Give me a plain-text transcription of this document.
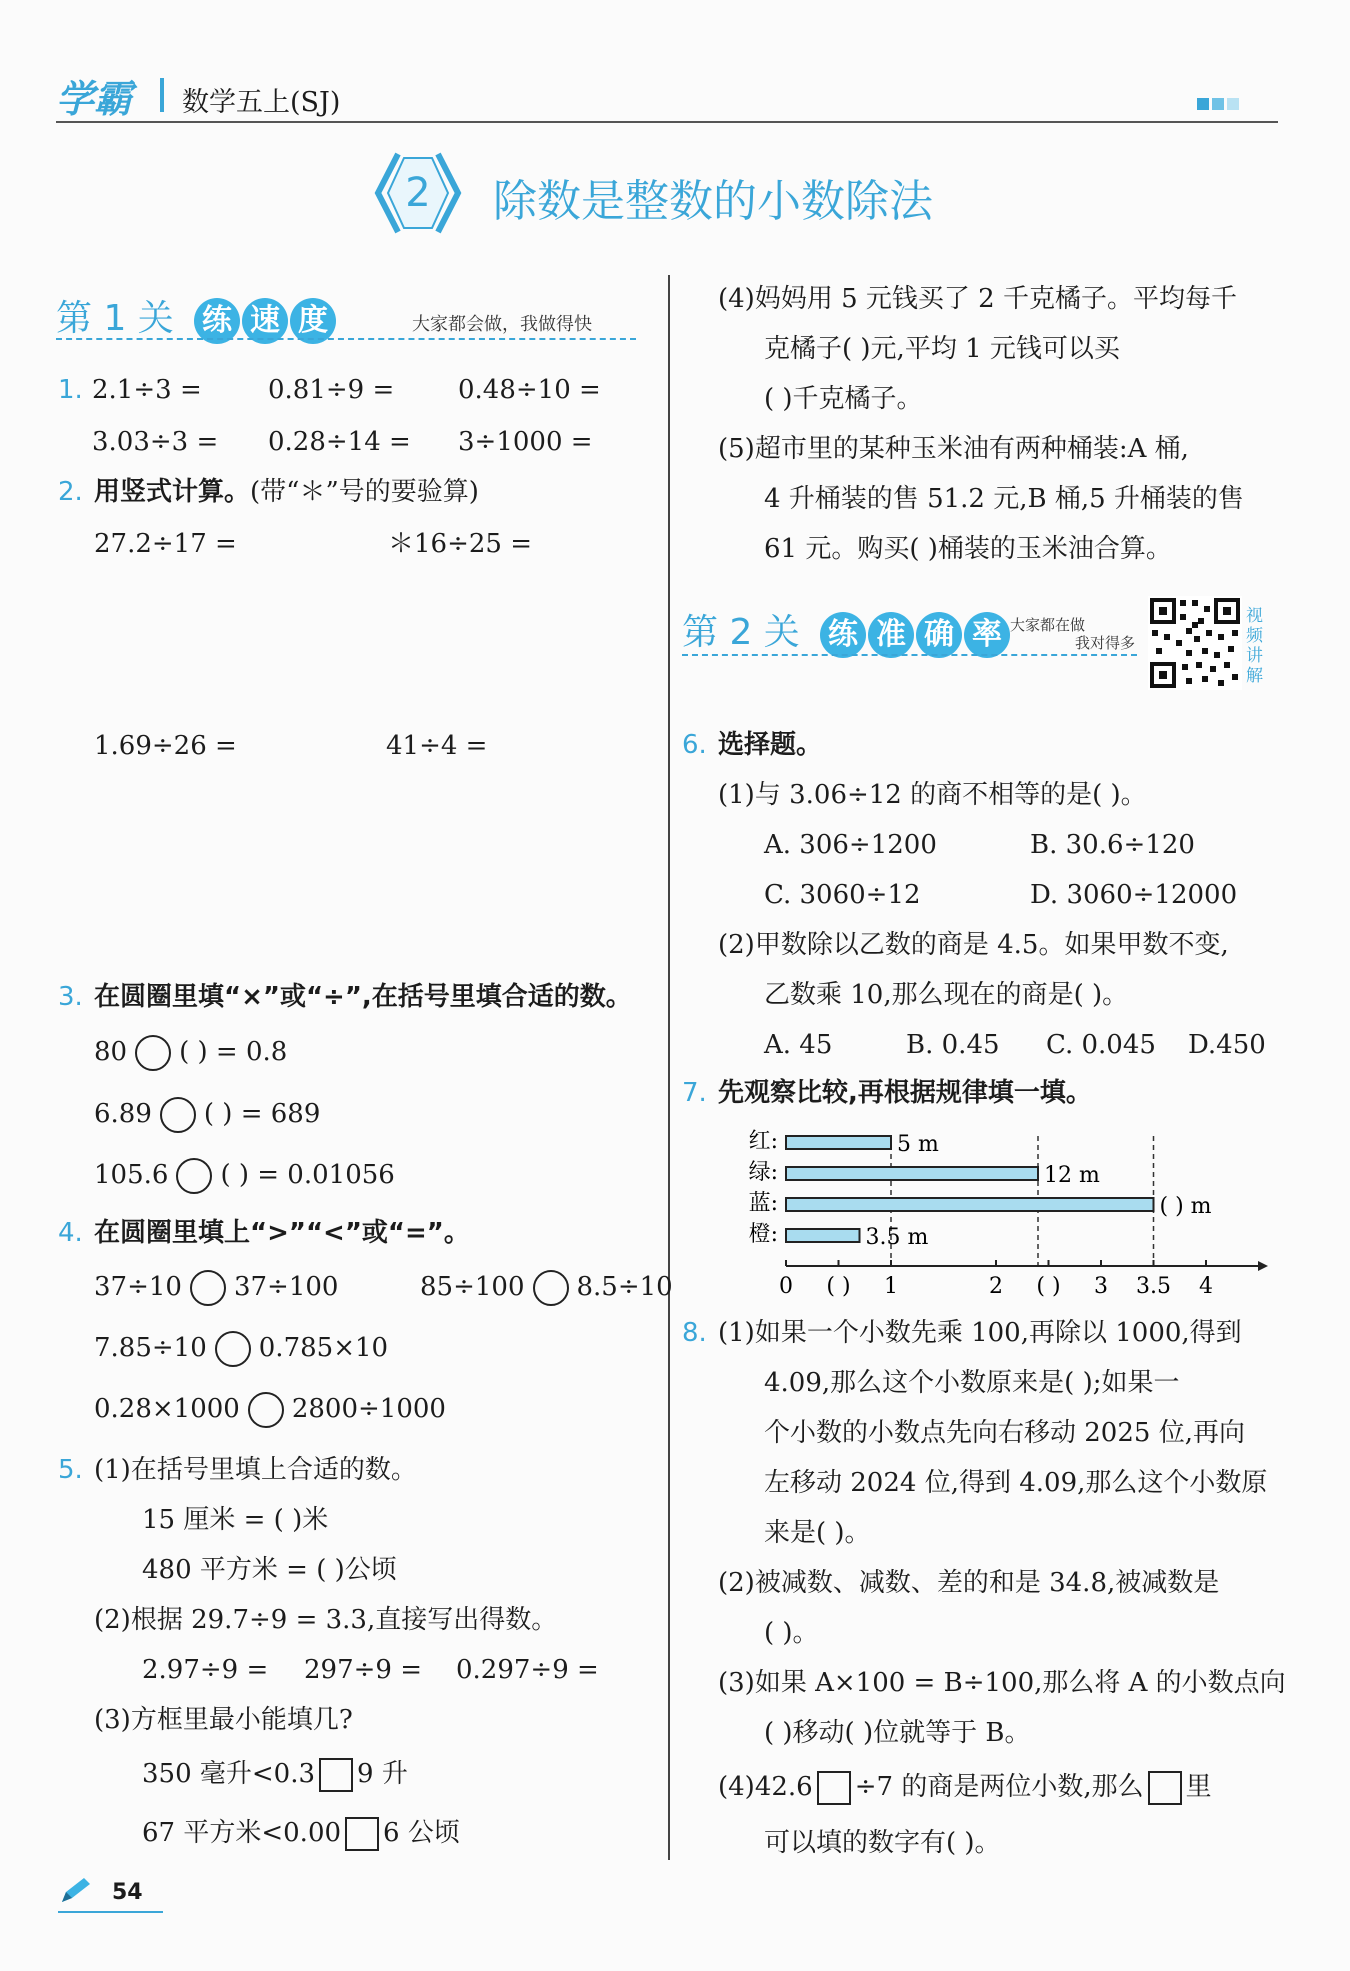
学霸 数学五上(SJ)
2	除数是整数的小数除法
第 1 关 练 速 度	大家都会做，我做得快
1. 2.1÷3 =	0.81÷9 = 0.48÷10 =
3.03÷3 = 0.28÷14 = 3÷1000 =
2. 用竖式计算。(带“＊”号的要验算)
27.2÷17 =	＊16÷25 =
1.69÷26 =	41÷4 =
3. 在圆圈里填“×”或“÷”,在括号里填合适的数。
80 ( ) = 0.8
6.89 ( ) = 689
105.6 ( ) = 0.01056
4. 在圆圈里填上“>”“<”或“=”。
37÷10 37÷100	85÷100 8.5÷10
7.85÷10 0.785×10
0.28×1000 2800÷1000
5. (1)在括号里填上合适的数。
15 厘米 = ( )米
480 平方米 = ( )公顷
(2)根据 29.7÷9 = 3.3,直接写出得数。
2.97÷9 = 297÷9 = 0.297÷9 =
(3)方框里最小能填几?
350 毫升<0.3 9 升
67 平方米<0.00 6 公顷
(4)妈妈用 5 元钱买了 2 千克橘子。平均每千
克橘子( )元,平均 1 元钱可以买
( )千克橘子。
(5)超市里的某种玉米油有两种桶装:A 桶,
4 升桶装的售 51.2 元,B 桶,5 升桶装的售
61 元。购买( )桶装的玉米油合算。
第 2 关 练 准 确 率 大家都在做
我对得多
视
频
讲
解
6. 选择题。
(1)与 3.06÷12 的商不相等的是( )。
A. 306÷1200	B. 30.6÷120
C. 3060÷12	D. 3060÷12000
(2)甲数除以乙数的商是 4.5。如果甲数不变,
乙数乘 10,那么现在的商是( )。
A. 45	B. 0.45 C. 0.045 D.450
7. 先观察比较,再根据规律填一填。
红:	5 m
绿:	12 m
蓝:	( ) m
橙:	3.5 m
0 ( ) 1	2 ( ) 3 3.5 4
8. (1)如果一个小数先乘 100,再除以 1000,得到
4.09,那么这个小数原来是( );如果一
个小数的小数点先向右移动 2025 位,再向
左移动 2024 位,得到 4.09,那么这个小数原
来是( )。
(2)被减数、减数、差的和是 34.8,被减数是
( )。
(3)如果 A×100 = B÷100,那么将 A 的小数点向
( )移动( )位就等于 B。
(4)42.6 ÷7 的商是两位小数,那么 里
可以填的数字有( )。
54
